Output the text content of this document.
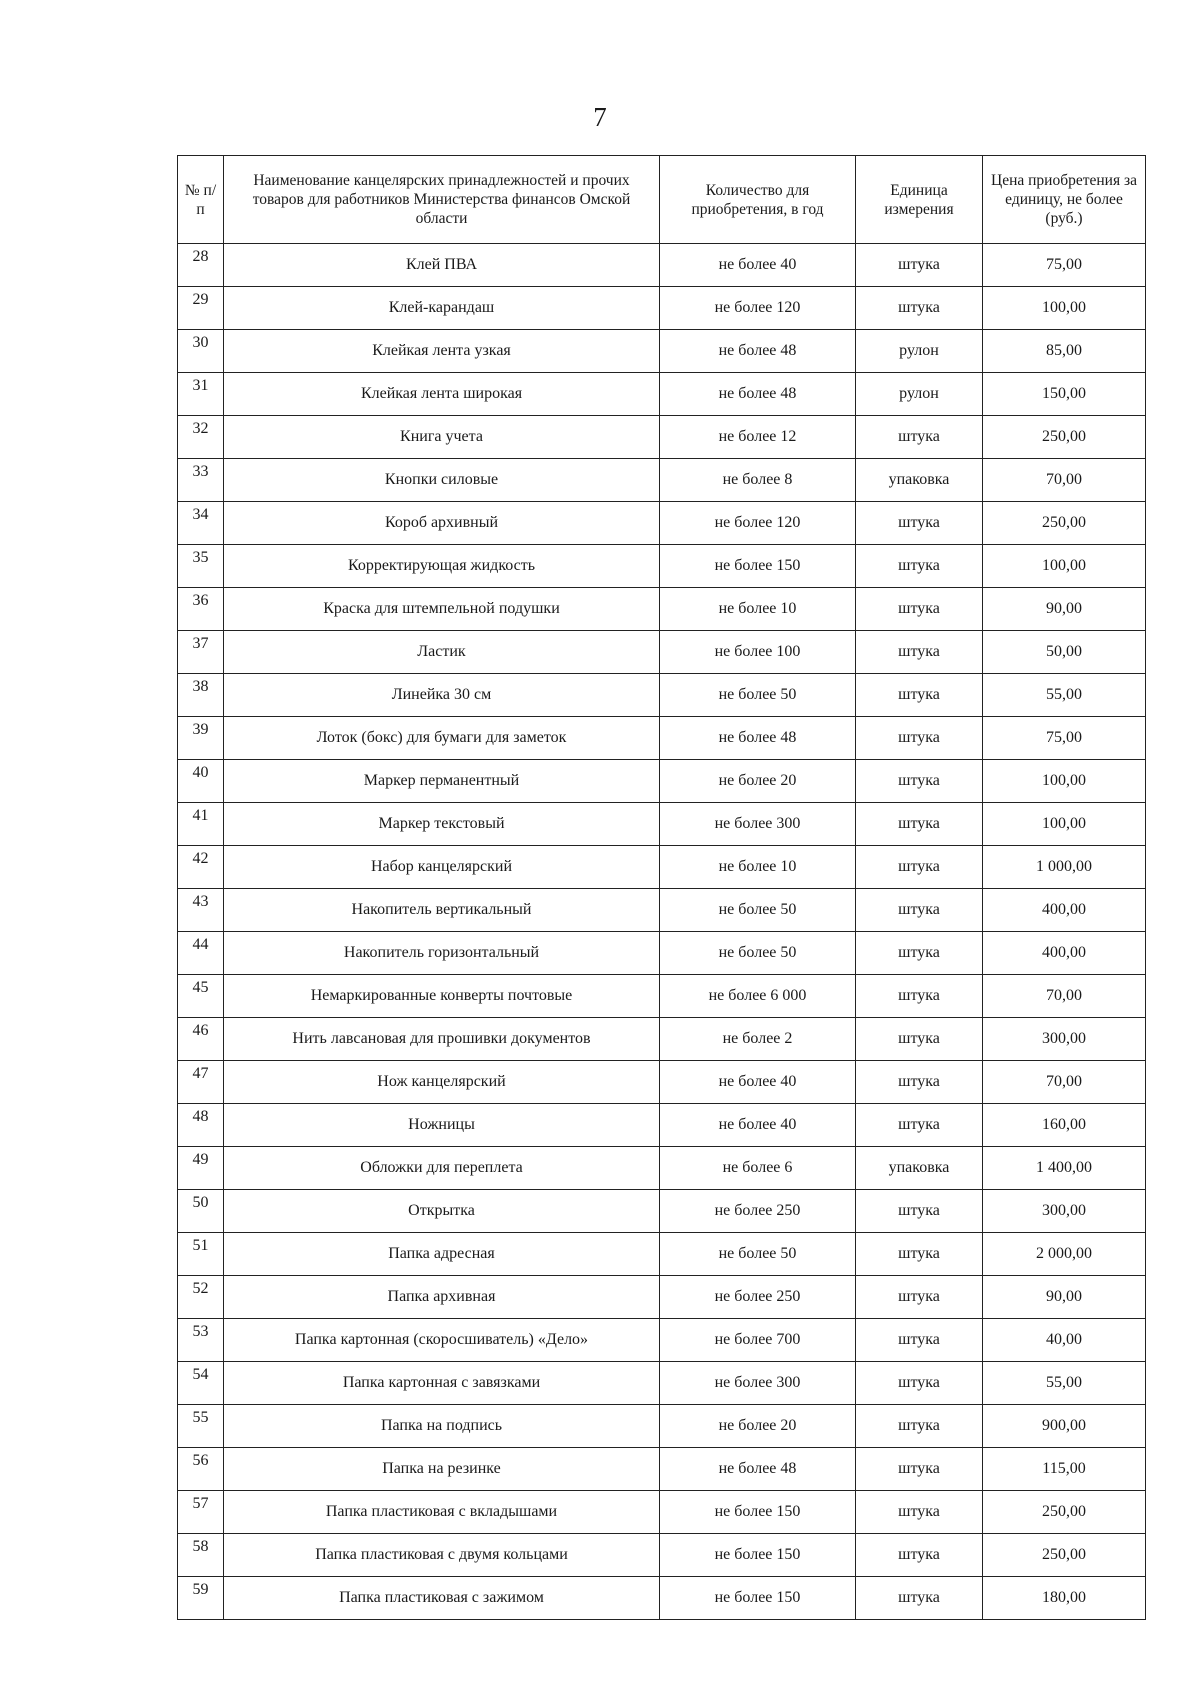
7
№ п/п	Наименование канцелярских принадлежностей и прочих товаров для работников Министерства финансов Омской области	Количество для приобретения, в год	Единица измерения	Цена приобретения за единицу, не более (руб.)
28	Клей ПВА	не более 40	штука	75,00
29	Клей-карандаш	не более 120	штука	100,00
30	Клейкая лента узкая	не более 48	рулон	85,00
31	Клейкая лента широкая	не более 48	рулон	150,00
32	Книга учета	не более 12	штука	250,00
33	Кнопки силовые	не более 8	упаковка	70,00
34	Короб архивный	не более 120	штука	250,00
35	Корректирующая жидкость	не более 150	штука	100,00
36	Краска для штемпельной подушки	не более 10	штука	90,00
37	Ластик	не более 100	штука	50,00
38	Линейка 30 см	не более 50	штука	55,00
39	Лоток (бокс) для бумаги для заметок	не более 48	штука	75,00
40	Маркер перманентный	не более 20	штука	100,00
41	Маркер текстовый	не более 300	штука	100,00
42	Набор канцелярский	не более 10	штука	1 000,00
43	Накопитель вертикальный	не более 50	штука	400,00
44	Накопитель горизонтальный	не более 50	штука	400,00
45	Немаркированные конверты почтовые	не более 6 000	штука	70,00
46	Нить лавсановая для прошивки документов	не более 2	штука	300,00
47	Нож канцелярский	не более 40	штука	70,00
48	Ножницы	не более 40	штука	160,00
49	Обложки для переплета	не более 6	упаковка	1 400,00
50	Открытка	не более 250	штука	300,00
51	Папка адресная	не более 50	штука	2 000,00
52	Папка архивная	не более 250	штука	90,00
53	Папка картонная (скоросшиватель) «Дело»	не более 700	штука	40,00
54	Папка картонная с завязками	не более 300	штука	55,00
55	Папка на подпись	не более 20	штука	900,00
56	Папка на резинке	не более 48	штука	115,00
57	Папка пластиковая с вкладышами	не более 150	штука	250,00
58	Папка пластиковая с двумя кольцами	не более 150	штука	250,00
59	Папка пластиковая с зажимом	не более 150	штука	180,00
